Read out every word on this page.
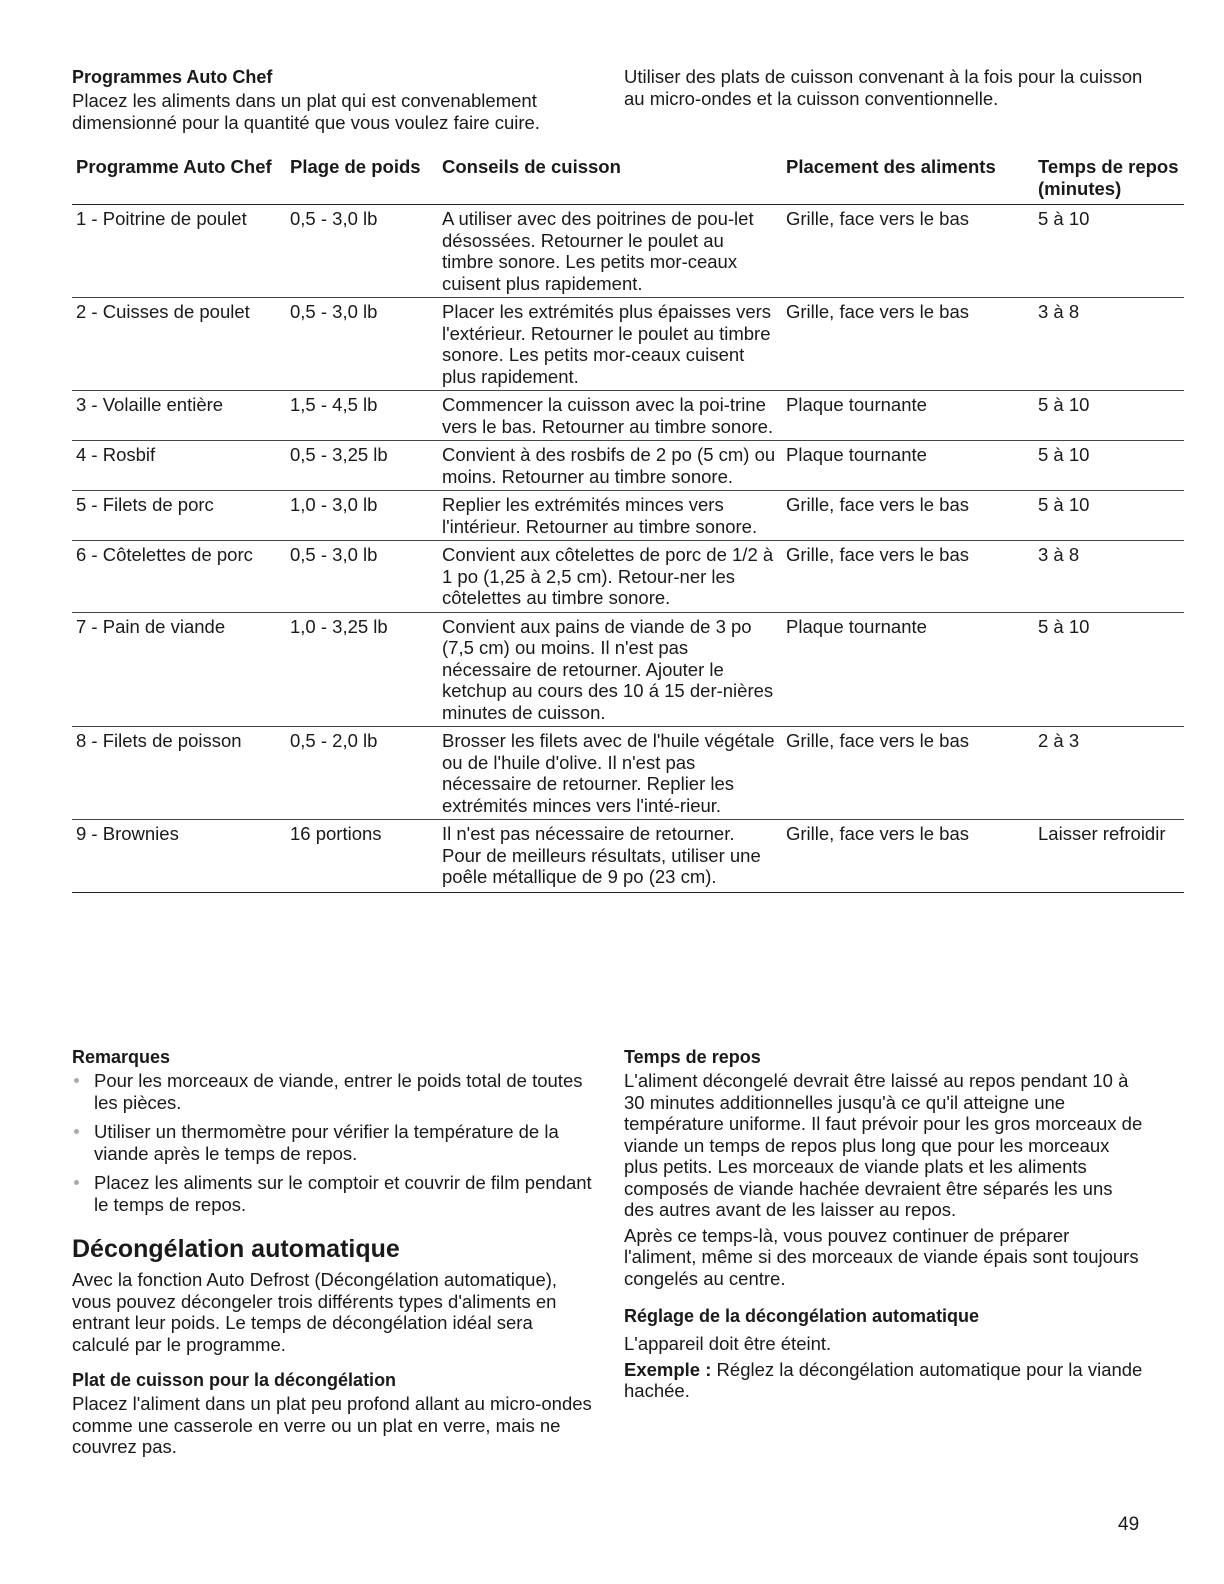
Programmes Auto Chef

Placez les aliments dans un plat qui est convenablement dimensionné pour la quantité que vous voulez faire cuire.

Utiliser des plats de cuisson convenant à la fois pour la cuisson au micro-ondes et la cuisson conventionnelle.

Programme Auto Chef	Plage de poids	Conseils de cuisson	Placement des aliments	Temps de repos (minutes)
1 - Poitrine de poulet	0,5 - 3,0 lb	A utiliser avec des poitrines de pou-let désossées. Retourner le poulet au timbre sonore. Les petits mor-ceaux cuisent plus rapidement.	Grille, face vers le bas	5 à 10
2 - Cuisses de poulet	0,5 - 3,0 lb	Placer les extrémités plus épaisses vers l'extérieur. Retourner le poulet au timbre sonore. Les petits mor-ceaux cuisent plus rapidement.	Grille, face vers le bas	3 à 8
3 - Volaille entière	1,5 - 4,5 lb	Commencer la cuisson avec la poi-trine vers le bas. Retourner au timbre sonore.	Plaque tournante	5 à 10
4 - Rosbif	0,5 - 3,25 lb	Convient à des rosbifs de 2 po (5 cm) ou moins. Retourner au timbre sonore.	Plaque tournante	5 à 10
5 - Filets de porc	1,0 - 3,0 lb	Replier les extrémités minces vers l'intérieur. Retourner au timbre sonore.	Grille, face vers le bas	5 à 10
6 - Côtelettes de porc	0,5 - 3,0 lb	Convient aux côtelettes de porc de 1/2 à 1 po (1,25 à 2,5 cm). Retour-ner les côtelettes au timbre sonore.	Grille, face vers le bas	3 à 8
7 - Pain de viande	1,0 - 3,25 lb	Convient aux pains de viande de 3 po (7,5 cm) ou moins. Il n'est pas nécessaire de retourner. Ajouter le ketchup au cours des 10 á 15 der-nières minutes de cuisson.	Plaque tournante	5 à 10
8 - Filets de poisson	0,5 - 2,0 lb	Brosser les filets avec de l'huile végétale ou de l'huile d'olive. Il n'est pas nécessaire de retourner. Replier les extrémités minces vers l'inté-rieur.	Grille, face vers le bas	2 à 3
9 - Brownies	16 portions	Il n'est pas nécessaire de retourner. Pour de meilleurs résultats, utiliser une poêle métallique de 9 po (23 cm).	Grille, face vers le bas	Laisser refroidir
Remarques
Pour les morceaux de viande, entrer le poids total de toutes les pièces.
Utiliser un thermomètre pour vérifier la température de la viande après le temps de repos.
Placez les aliments sur le comptoir et couvrir de film pendant le temps de repos.
Décongélation automatique

Avec la fonction Auto Defrost (Décongélation automatique), vous pouvez décongeler trois différents types d'aliments en entrant leur poids. Le temps de décongélation idéal sera calculé par le programme.

Plat de cuisson pour la décongélation

Placez l'aliment dans un plat peu profond allant au micro-ondes comme une casserole en verre ou un plat en verre, mais ne couvrez pas.

Temps de repos

L'aliment décongelé devrait être laissé au repos pendant 10 à 30 minutes additionnelles jusqu'à ce qu'il atteigne une température uniforme. Il faut prévoir pour les gros morceaux de viande un temps de repos plus long que pour les morceaux plus petits. Les morceaux de viande plats et les aliments composés de viande hachée devraient être séparés les uns des autres avant de les laisser au repos.

Après ce temps-là, vous pouvez continuer de préparer l'aliment, même si des morceaux de viande épais sont toujours congelés au centre.

Réglage de la décongélation automatique

L'appareil doit être éteint.

Exemple : Réglez la décongélation automatique pour la viande hachée.

49
